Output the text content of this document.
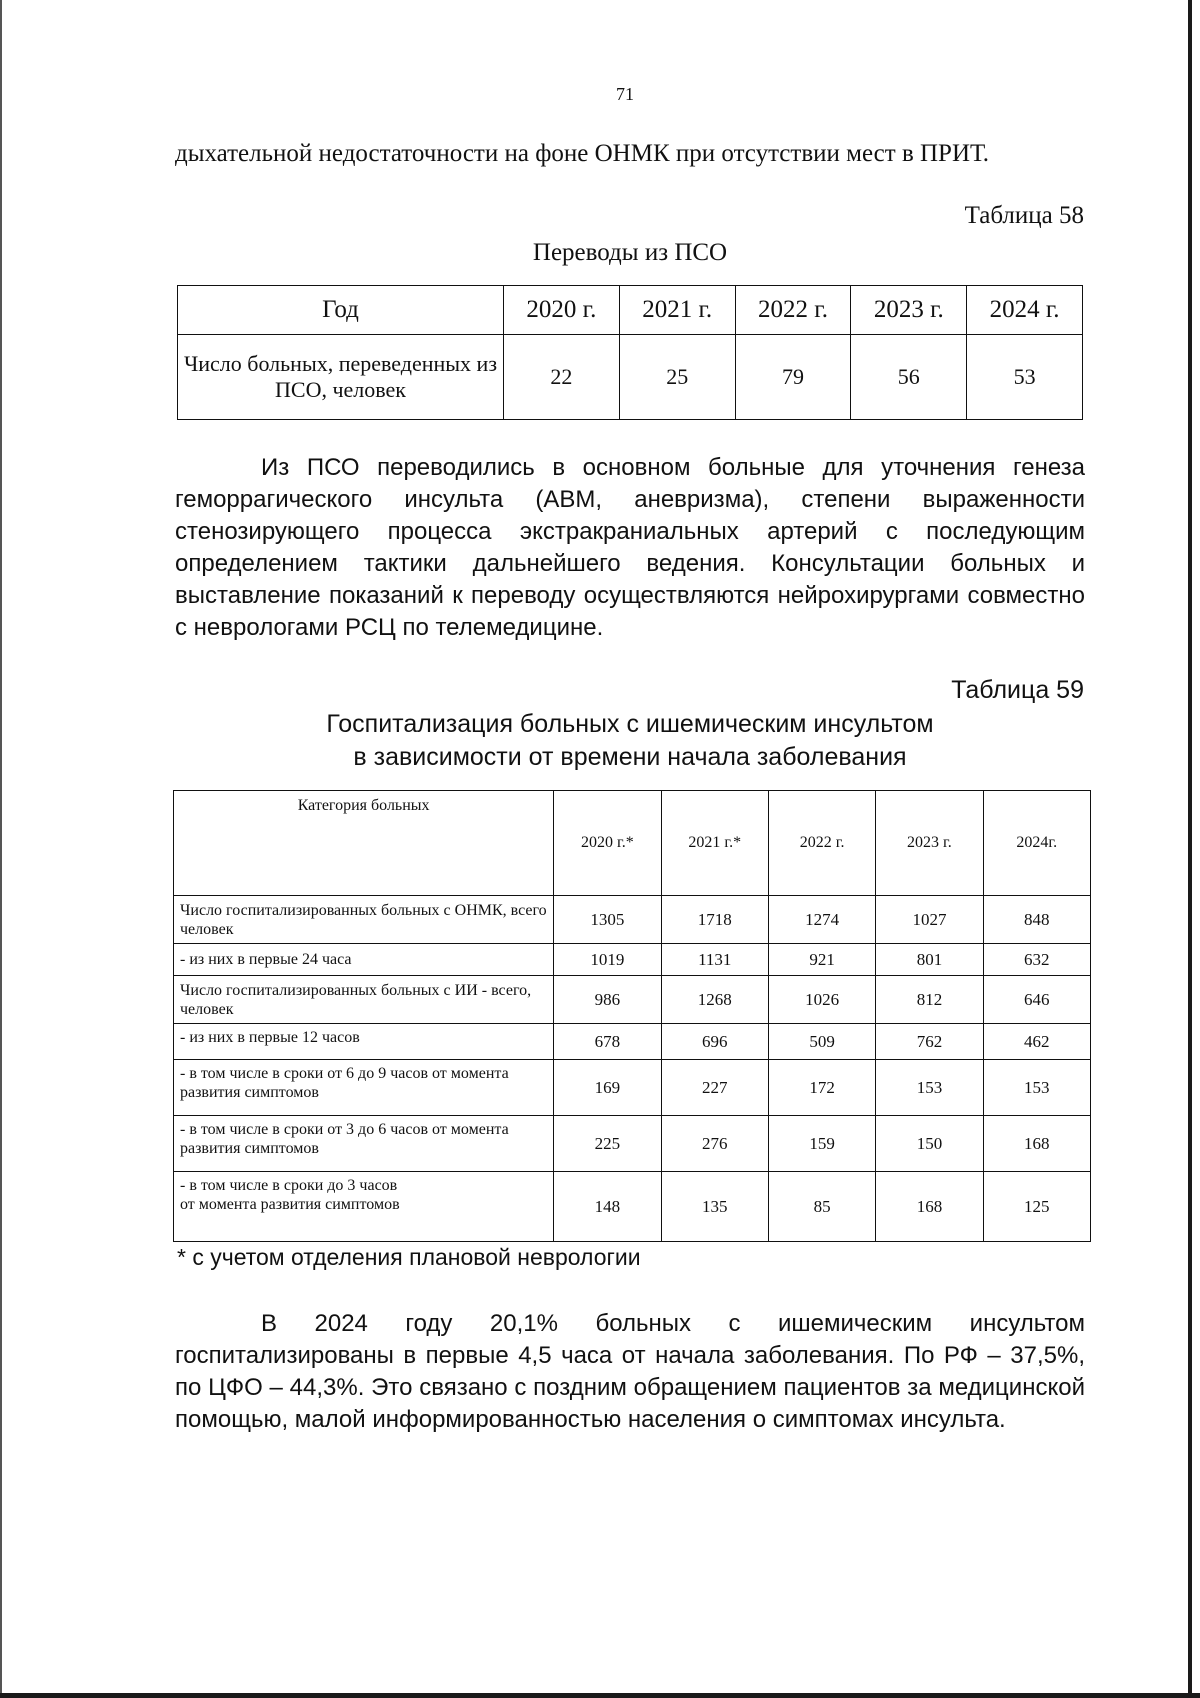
71
дыхательной недостаточности на фоне ОНМК при отсутствии мест в ПРИТ.
Таблица 58
Переводы из ПСО
Год	2020 г.	2021 г.	2022 г.	2023 г.	2024 г.
Число больных, переведенных из ПСО, человек	22	25	79	56	53
Из ПСО переводились в основном больные для уточнения генеза геморрагического инсульта (АВМ, аневризма), степени выраженности стенозирующего процесса экстракраниальных артерий с последующим определением тактики дальнейшего ведения. Консультации больных и выставление показаний к переводу осуществляются нейрохирургами совместно с неврологами РСЦ по телемедицине.
Таблица 59
Госпитализация больных с ишемическим инсультом
в зависимости от времени начала заболевания
Категория больных	2020 г.*	2021 г.*	2022 г.	2023 г.	2024г.
Число госпитализированных больных с ОНМК, всего человек	1305	1718	1274	1027	848
- из них в первые 24 часа	1019	1131	921	801	632
Число госпитализированных больных с ИИ - всего, человек	986	1268	1026	812	646
- из них в первые 12 часов	678	696	509	762	462
- в том числе в сроки от 6 до 9 часов от момента развития симптомов	169	227	172	153	153
- в том числе в сроки от 3 до 6 часов от момента развития симптомов	225	276	159	150	168
- в том числе в сроки до 3 часов от момента развития симптомов	148	135	85	168	125
* с учетом отделения плановой неврологии
В 2024 году 20,1% больных с ишемическим инсультом госпитализированы в первые 4,5 часа от начала заболевания. По РФ – 37,5%, по ЦФО – 44,3%. Это связано с поздним обращением пациентов за медицинской помощью, малой информированностью населения о симптомах инсульта.
